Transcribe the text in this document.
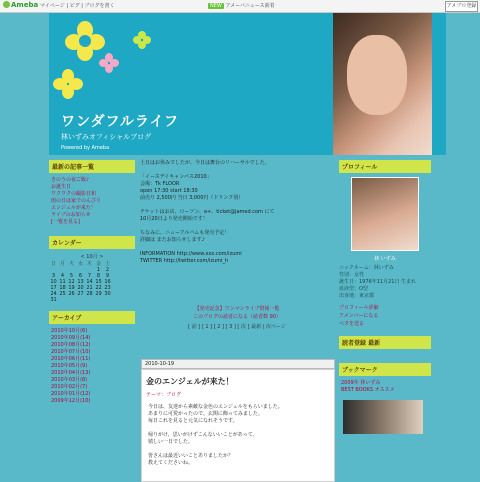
Ameba マイページ | ピグ | ブログを書く	NEW アメーバニュース新着	アメブロ登録
ワンダフルライフ
林いずみオフィシャルブログ
Powered by Ameba
最新の記事一覧
きのうの夜ご飯♪
お誕生日
ワクワクの撮影日和
雨の日は家でのんびり
エンジェルが来た！
ライブのお知らせ
[一覧を見る]
カレンダー
< 10月 >
日	月	火	水	木	金	土
					1	2
3	4	5	6	7	8	9
10	11	12	13	14	15	16
17	18	19	20	21	22	23
24	25	26	27	28	29	30
31						
アーカイブ
2010年10月(6)
2010年09月(14)
2010年08月(12)
2010年07月(10)
2010年06月(11)
2010年05月(9)
2010年04月(13)
2010年03月(8)
2010年02月(7)
2010年01月(12)
2009年12月(10)
土日はお休みでしたが、今日は舞台のリハーサルでした。
「イースデイキャンパス2010」
会場：Tk FLOOR
open 17:30 start 18:30
前売り 2,500円 当日 3,000円（ドリンク別）
チケットはお店、ローソン、e+、ticket@jamed.com にて
10月20日より発売開始です！
ちなみに、ニューアルバムも発売予定！
詳細は またお知らせします♪
INFORMATION http://www.xxx.com/izumi
TWITTER http://twitter.com/izumi_h
【発売記念】ワンマンライブ情報一覧
このブログの読者になる（読者数 90）
[ 前 ] [ 1 ] [ 2 ] [ 3 ] [ 次 ] 最新 | 次ページ
2010-10-19
金のエンジェルが来た！
テーマ：ブログ
今日は、友達から素敵な金色のエンジェルをもらいました。
あまりに可愛かったので、玄関に飾ってみました。
毎日これを見ると元気になれそうです。
帰りがけ、思いがけずこんないいことがあって、
嬉しい一日でした。
皆さんは最近いいことありましたか？
教えてくださいね。
プロフィール
林 いずみ
ニックネーム：林いずみ
性別：女性
誕生日：1976年11月21日 生まれ
血液型：O型
出身地：東京都
プロフィール詳細
アメンバーになる
ペタを送る
読者登録 最新
ブックマーク
2009年 林いずみ
BEST BOOKS オススメ
